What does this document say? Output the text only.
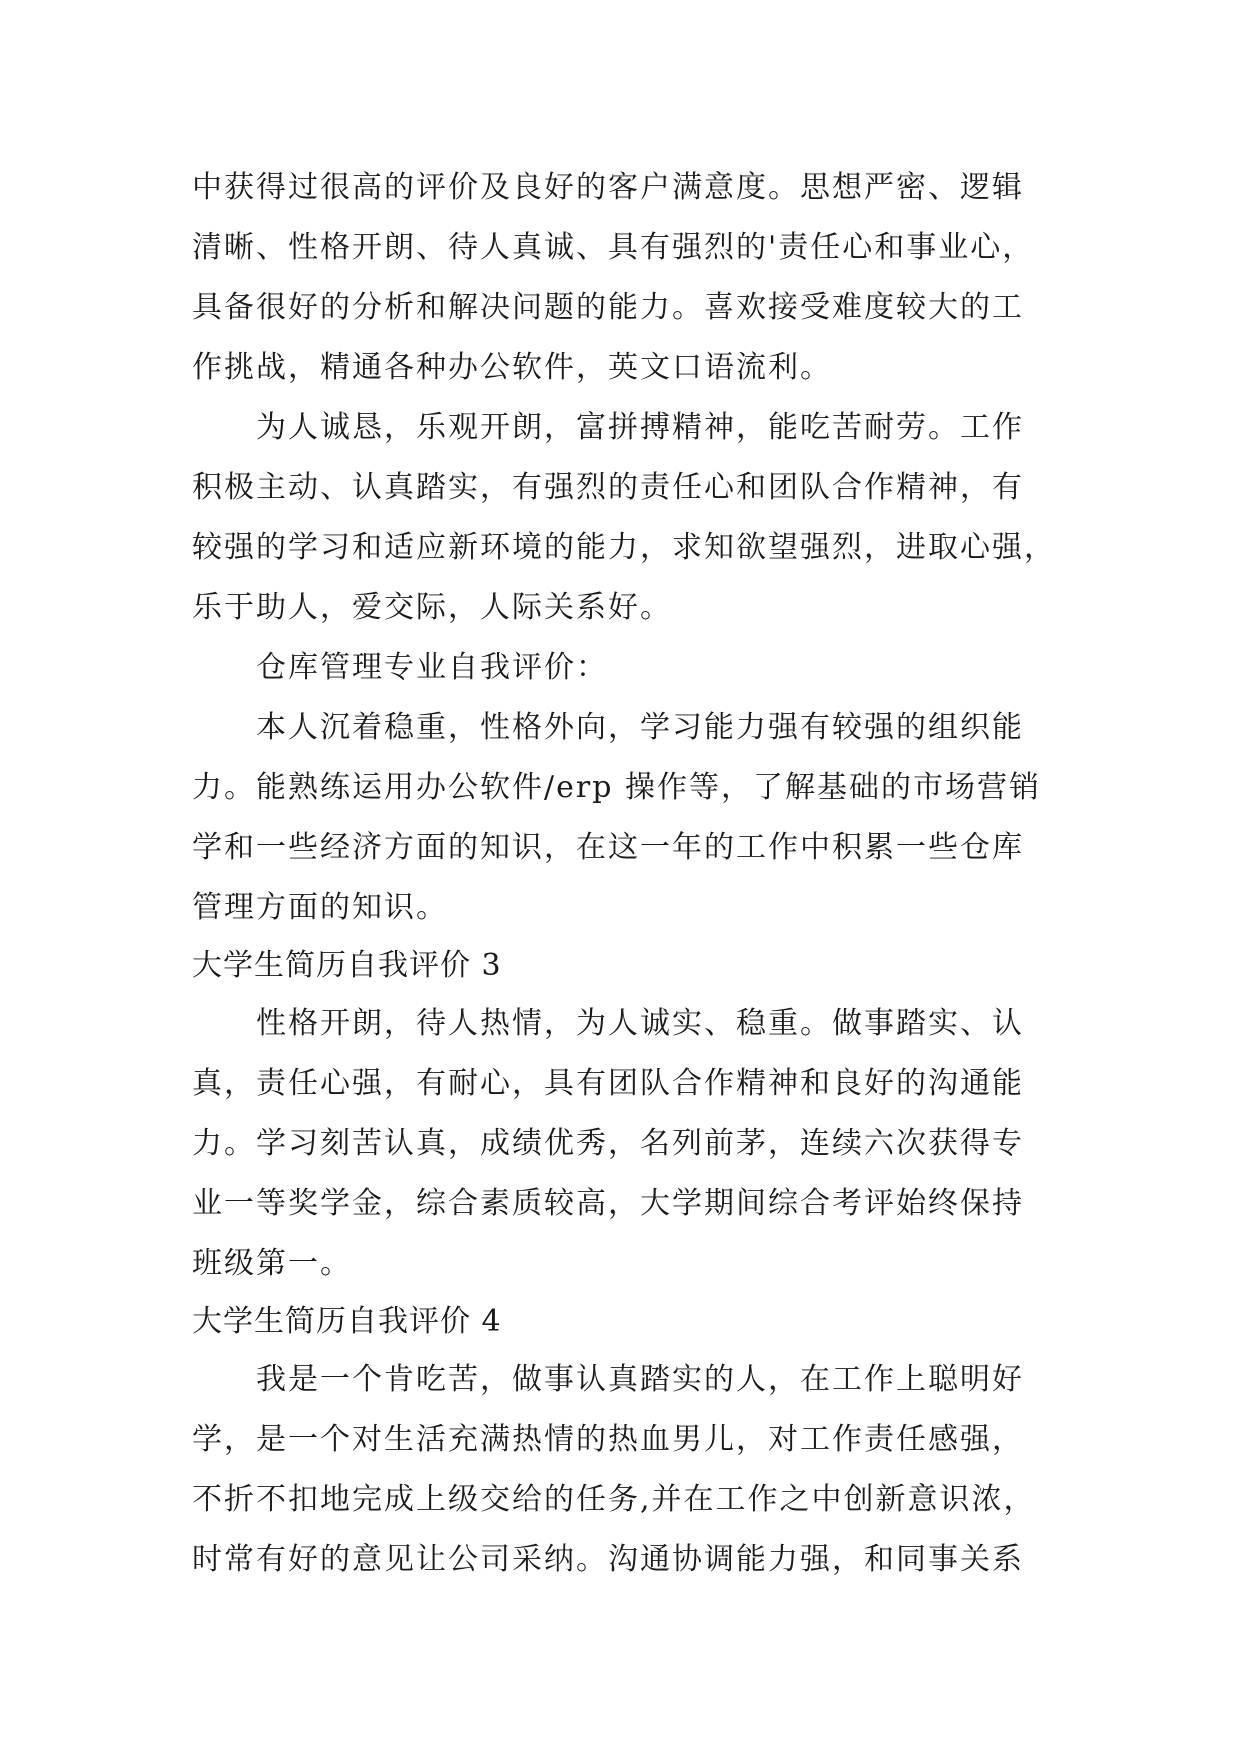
中获得过很高的评价及良好的客户满意度。思想严密、逻辑
清晰、性格开朗、待人真诚、具有强烈的'责任心和事业心，
具备很好的分析和解决问题的能力。喜欢接受难度较大的工
作挑战，精通各种办公软件，英文口语流利。
为人诚恳，乐观开朗，富拼搏精神，能吃苦耐劳。工作
积极主动、认真踏实，有强烈的责任心和团队合作精神，有
较强的学习和适应新环境的能力，求知欲望强烈，进取心强，
乐于助人，爱交际，人际关系好。
仓库管理专业自我评价：
本人沉着稳重，性格外向，学习能力强有较强的组织能
力。能熟练运用办公软件/erp 操作等，了解基础的市场营销
学和一些经济方面的知识，在这一年的工作中积累一些仓库
管理方面的知识。
大学生简历自我评价 3
性格开朗，待人热情，为人诚实、稳重。做事踏实、认
真，责任心强，有耐心，具有团队合作精神和良好的沟通能
力。学习刻苦认真，成绩优秀，名列前茅，连续六次获得专
业一等奖学金，综合素质较高，大学期间综合考评始终保持
班级第一。
大学生简历自我评价 4
我是一个肯吃苦，做事认真踏实的人，在工作上聪明好
学，是一个对生活充满热情的热血男儿，对工作责任感强，
不折不扣地完成上级交给的任务,并在工作之中创新意识浓，
时常有好的意见让公司采纳。沟通协调能力强，和同事关系
